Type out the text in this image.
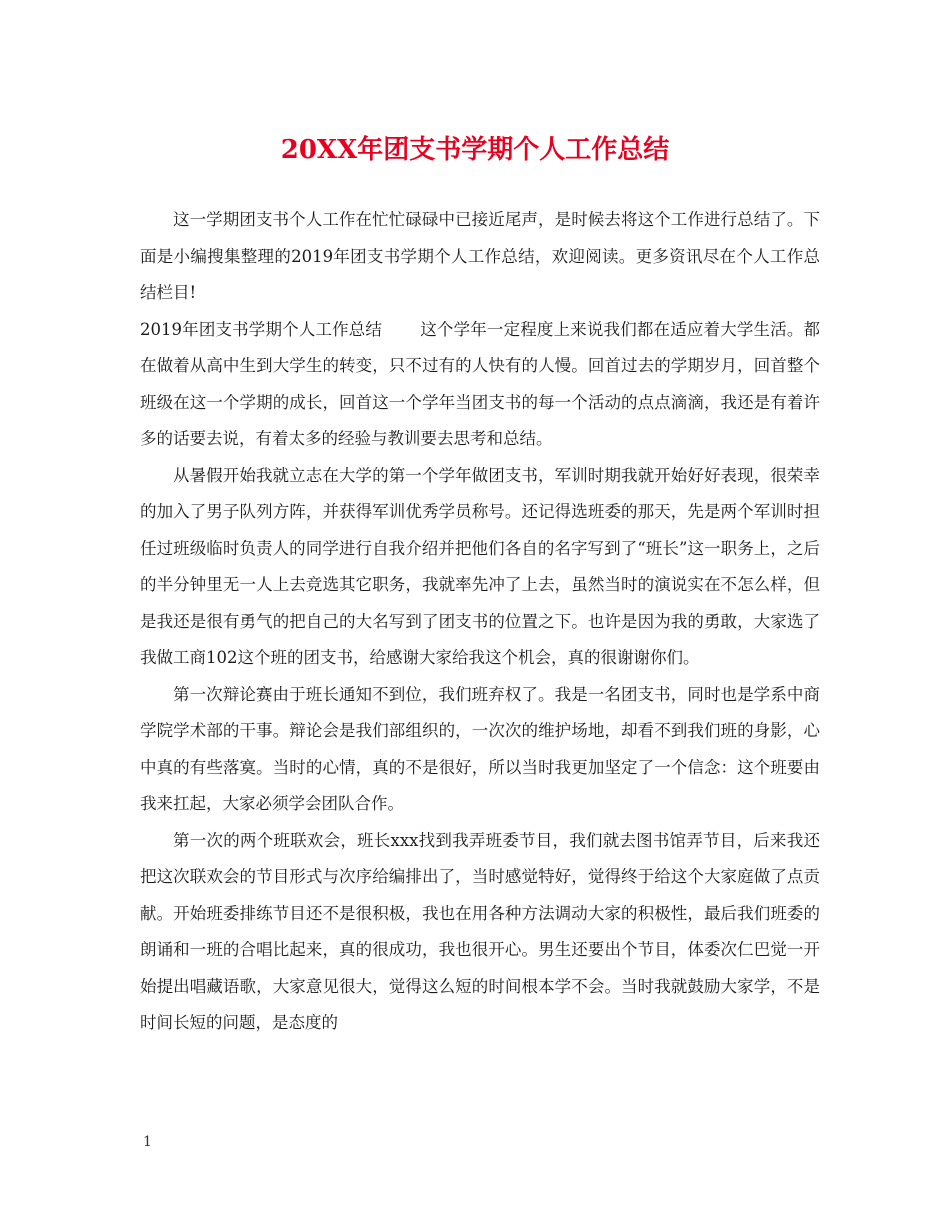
20XX年团支书学期个人工作总结

这一学期团支书个人工作在忙忙碌碌中已接近尾声，是时候去将这个工作进行总结了。下面是小编搜集整理的2019年团支书学期个人工作总结，欢迎阅读。更多资讯尽在个人工作总结栏目!

2019年团支书学期个人工作总结 这个学年一定程度上来说我们都在适应着大学生活。都在做着从高中生到大学生的转变，只不过有的人快有的人慢。回首过去的学期岁月，回首整个班级在这一个学期的成长，回首这一个学年当团支书的每一个活动的点点滴滴，我还是有着许多的话要去说，有着太多的经验与教训要去思考和总结。

从暑假开始我就立志在大学的第一个学年做团支书，军训时期我就开始好好表现，很荣幸的加入了男子队列方阵，并获得军训优秀学员称号。还记得选班委的那天，先是两个军训时担任过班级临时负责人的同学进行自我介绍并把他们各自的名字写到了“班长”这一职务上，之后的半分钟里无一人上去竞选其它职务，我就率先冲了上去，虽然当时的演说实在不怎么样，但是我还是很有勇气的把自己的大名写到了团支书的位置之下。也许是因为我的勇敢，大家选了我做工商102这个班的团支书，给感谢大家给我这个机会，真的很谢谢你们。

第一次辩论赛由于班长通知不到位，我们班弃权了。我是一名团支书，同时也是学系中商学院学术部的干事。辩论会是我们部组织的，一次次的维护场地，却看不到我们班的身影，心中真的有些落寞。当时的心情，真的不是很好，所以当时我更加坚定了一个信念：这个班要由我来扛起，大家必须学会团队合作。

第一次的两个班联欢会，班长xxx找到我弄班委节目，我们就去图书馆弄节目，后来我还把这次联欢会的节目形式与次序给编排出了，当时感觉特好，觉得终于给这个大家庭做了点贡献。开始班委排练节目还不是很积极，我也在用各种方法调动大家的积极性，最后我们班委的朗诵和一班的合唱比起来，真的很成功，我也很开心。男生还要出个节目，体委次仁巴觉一开始提出唱藏语歌，大家意见很大，觉得这么短的时间根本学不会。当时我就鼓励大家学，不是时间长短的问题，是态度的

1
